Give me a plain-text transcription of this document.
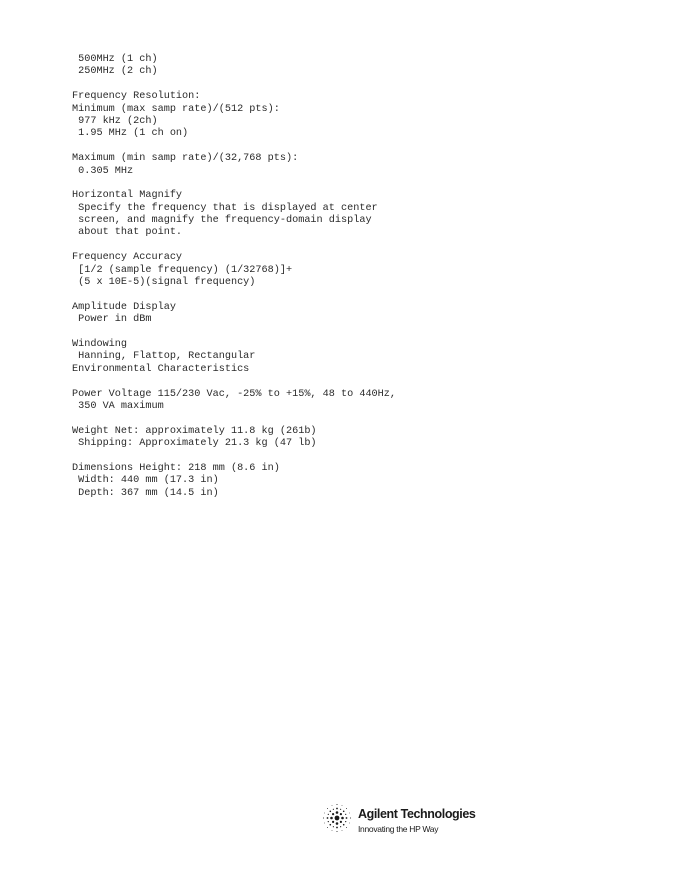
500MHz (1 ch)

250MHz (2 ch)

Frequency Resolution:

Minimum (max samp rate)/(512 pts):

977 kHz (2ch)

1.95 MHz (1 ch on)

Maximum (min samp rate)/(32,768 pts):

0.305 MHz

Horizontal Magnify

Specify the frequency that is displayed at center

screen, and magnify the frequency-domain display

about that point.

Frequency Accuracy

[1/2 (sample frequency) (1/32768)]+

(5 x 10E-5)(signal frequency)

Amplitude Display

Power in dBm

Windowing

Hanning, Flattop, Rectangular

Environmental Characteristics

Power Voltage 115/230 Vac, -25% to +15%, 48 to 440Hz,

350 VA maximum

Weight Net: approximately 11.8 kg (261b)

Shipping: Approximately 21.3 kg (47 lb)

Dimensions Height: 218 mm (8.6 in)

Width: 440 mm (17.3 in)

Depth: 367 mm (14.5 in)

Agilent Technologies
Innovating the HP Way
